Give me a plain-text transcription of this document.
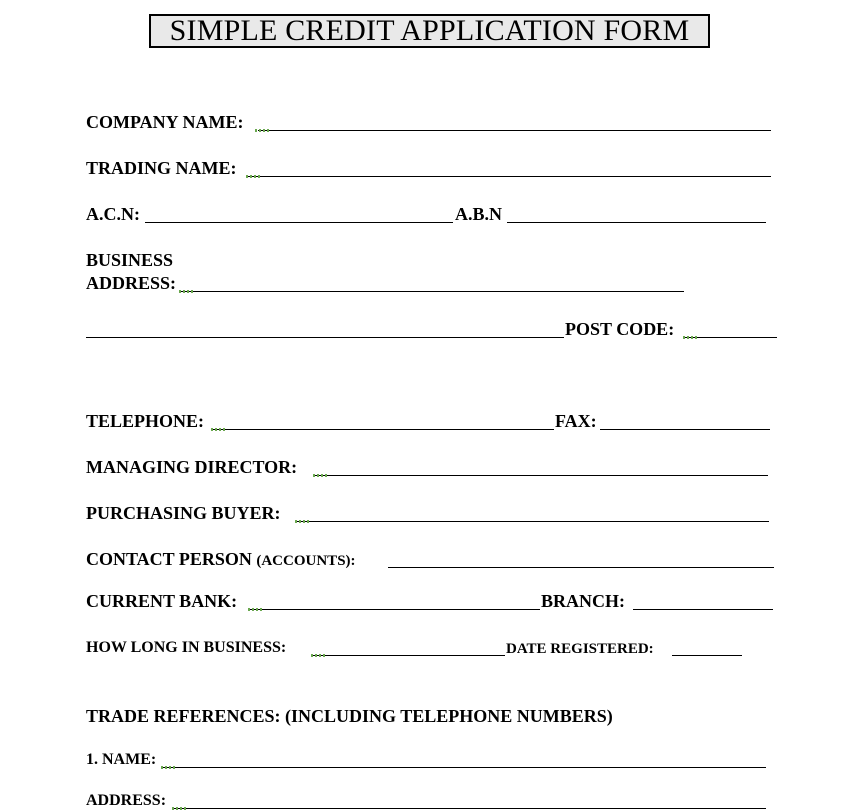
SIMPLE CREDIT APPLICATION FORM
COMPANY NAME:
TRADING NAME:
A.C.N:	A.B.N
BUSINESS
ADDRESS:
POST CODE:
TELEPHONE:	FAX:
MANAGING DIRECTOR:
PURCHASING BUYER:
CONTACT PERSON (ACCOUNTS):
CURRENT BANK:	BRANCH:
HOW LONG IN BUSINESS:	DATE REGISTERED:
TRADE REFERENCES: (INCLUDING TELEPHONE NUMBERS)
1. NAME:
ADDRESS:
